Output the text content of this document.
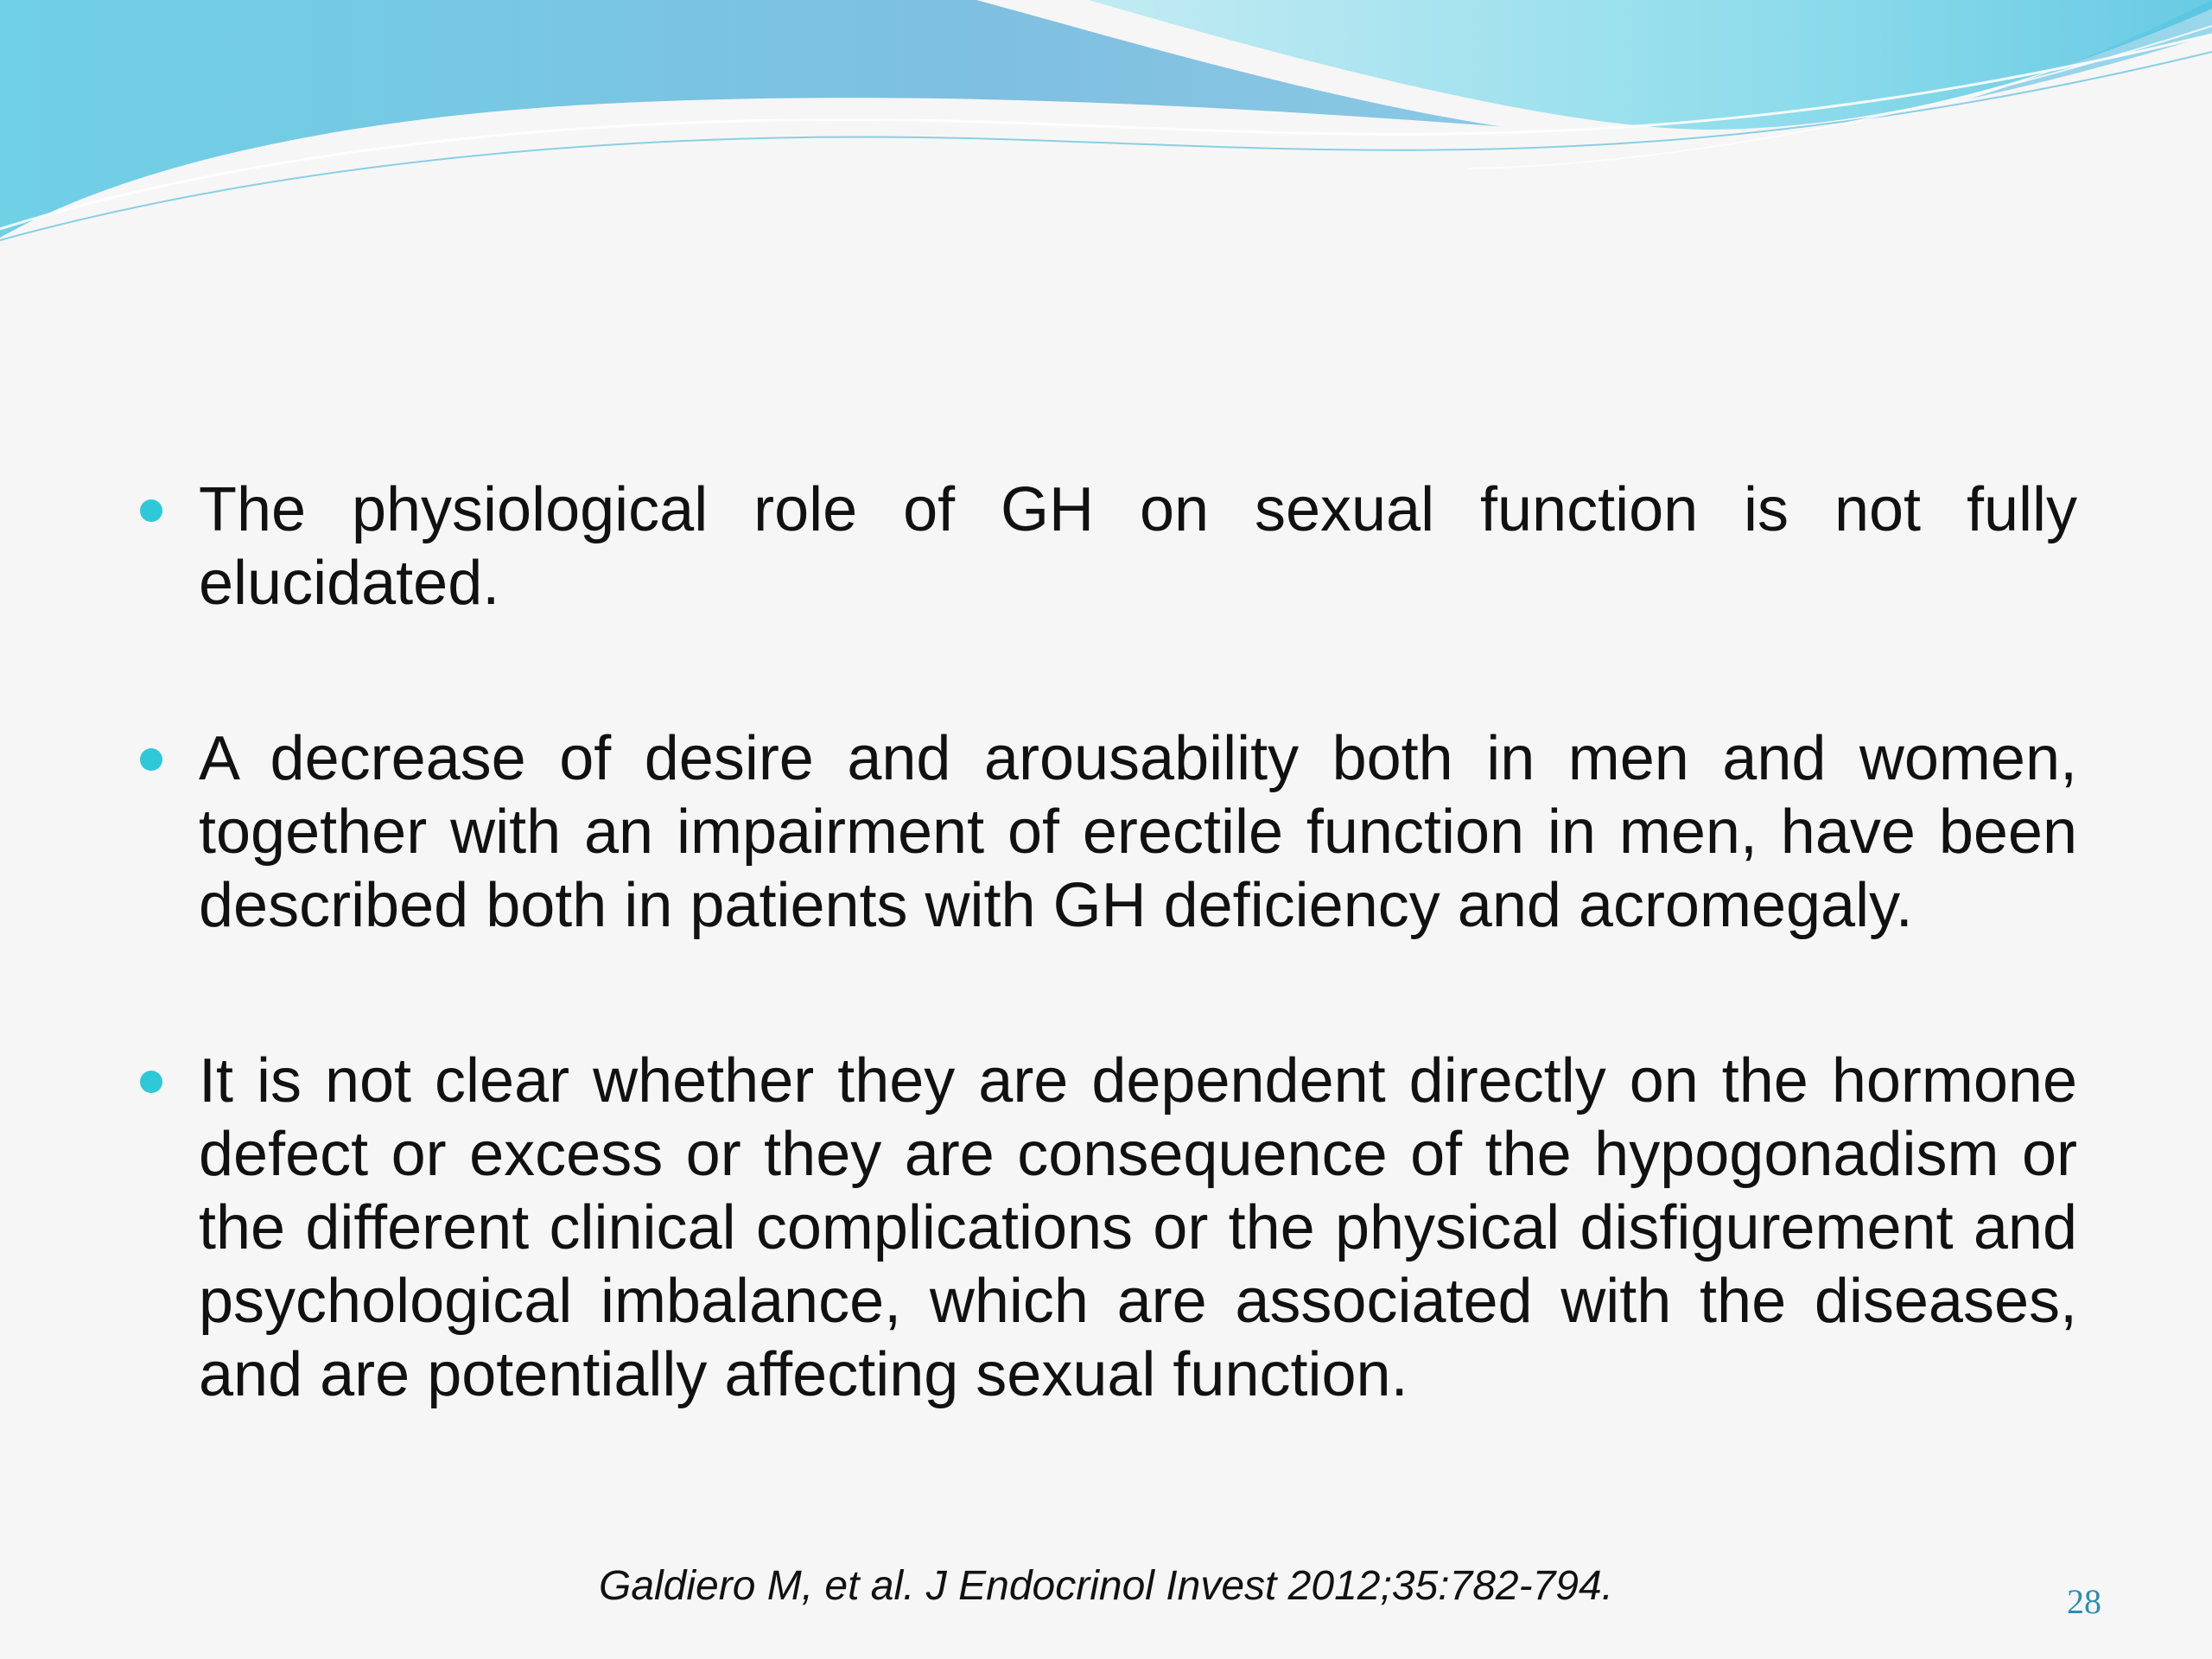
The physiological role of GH on sexual function is not fully elucidated.
A decrease of desire and arousability both in men and women, together with an impairment of erectile function in men, have been described both in patients with GH deficiency and acromegaly.
It is not clear whether they are dependent directly on the hormone defect or excess or they are consequence of the hypogonadism or the different clinical complications or the physical disfigurement and psychological imbalance, which are associated with the diseases, and are potentially affecting sexual function.
Galdiero M, et al. J Endocrinol Invest 2012;35:782-794.	28
